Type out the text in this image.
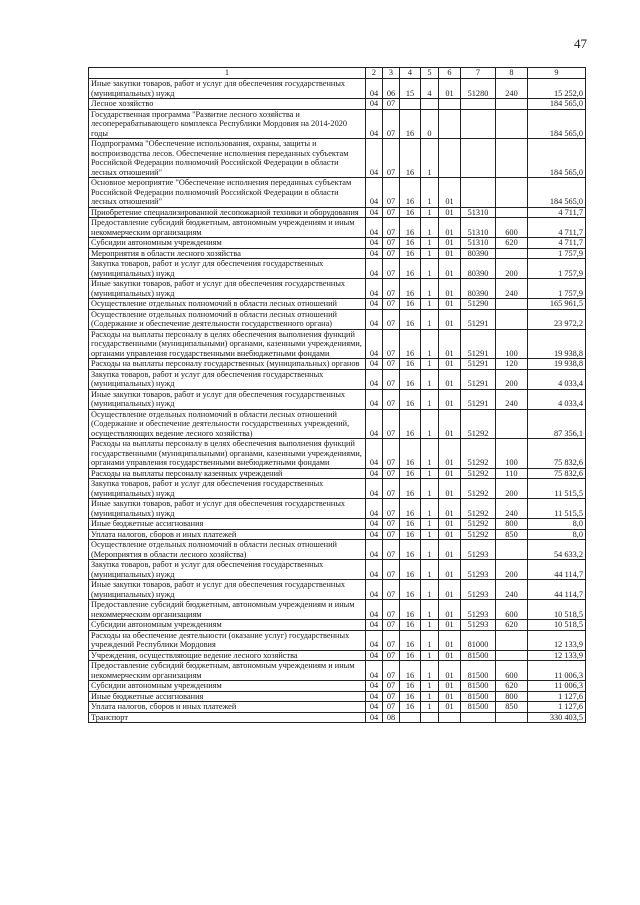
47
1	2	3	4	5	6	7	8	9
Иные закупки товаров, работ и услуг для обеспечения государственных (муниципальных) нужд	04	06	15	4	01	51280	240	15 252,0
Лесное хозяйство	04	07						184 565,0
Государственная программа "Развитие лесного хозяйства и лесоперерабатывающего комплекса Республики Мордовия на 2014-2020 годы	04	07	16	0				184 565,0
Подпрограмма "Обеспечение использования, охраны, защиты и воспроизводства лесов. Обеспечение исполнения переданных субъектам Российской Федерации полномочий Российской Федерации в области лесных отношений"	04	07	16	1				184 565,0
Основное мероприятие "Обеспечение исполнения переданных субъектам Российской Федерации полномочий Российской Федерации в области лесных отношений"	04	07	16	1	01			184 565,0
Приобретение специализированной лесопожарной техники и оборудования	04	07	16	1	01	51310		4 711,7
Предоставление субсидий бюджетным, автономным учреждениям и иным некоммерческим организациям	04	07	16	1	01	51310	600	4 711,7
Субсидии автономным учреждениям	04	07	16	1	01	51310	620	4 711,7
Мероприятия в области лесного хозяйства	04	07	16	1	01	80390		1 757,9
Закупка товаров, работ и услуг для обеспечения государственных (муниципальных) нужд	04	07	16	1	01	80390	200	1 757,9
Иные закупки товаров, работ и услуг для обеспечения государственных (муниципальных) нужд	04	07	16	1	01	80390	240	1 757,9
Осуществление отдельных полномочий в области лесных отношений	04	07	16	1	01	51290		165 961,5
Осуществление отдельных полномочий в области лесных отношений (Содержание и обеспечение деятельности государственного органа)	04	07	16	1	01	51291		23 972,2
Расходы на выплаты персоналу в целях обеспечения выполнения функций государственными (муниципальными) органами, казенными учреждениями, органами управления государственными внебюджетными фондами	04	07	16	1	01	51291	100	19 938,8
Расходы на выплаты персоналу государственных (муниципальных) органов	04	07	16	1	01	51291	120	19 938,8
Закупка товаров, работ и услуг для обеспечения государственных (муниципальных) нужд	04	07	16	1	01	51291	200	4 033,4
Иные закупки товаров, работ и услуг для обеспечения государственных (муниципальных) нужд	04	07	16	1	01	51291	240	4 033,4
Осуществление отдельных полномочий в области лесных отношений (Содержание и обеспечение деятельности государственных учреждений, осуществляющих ведение лесного хозяйства)	04	07	16	1	01	51292		87 356,1
Расходы на выплаты персоналу в целях обеспечения выполнения функций государственными (муниципальными) органами, казенными учреждениями, органами управления государственными внебюджетными фондами	04	07	16	1	01	51292	100	75 832,6
Расходы на выплаты персоналу казенных учреждений	04	07	16	1	01	51292	110	75 832,6
Закупка товаров, работ и услуг для обеспечения государственных (муниципальных) нужд	04	07	16	1	01	51292	200	11 515,5
Иные закупки товаров, работ и услуг для обеспечения государственных (муниципальных) нужд	04	07	16	1	01	51292	240	11 515,5
Иные бюджетные ассигнования	04	07	16	1	01	51292	800	8,0
Уплата налогов, сборов и иных платежей	04	07	16	1	01	51292	850	8,0
Осуществление отдельных полномочий в области лесных отношений (Мероприятия в области лесного хозяйства)	04	07	16	1	01	51293		54 633,2
Закупка товаров, работ и услуг для обеспечения государственных (муниципальных) нужд	04	07	16	1	01	51293	200	44 114,7
Иные закупки товаров, работ и услуг для обеспечения государственных (муниципальных) нужд	04	07	16	1	01	51293	240	44 114,7
Предоставление субсидий бюджетным, автономным учреждениям и иным некоммерческим организациям	04	07	16	1	01	51293	600	10 518,5
Субсидии автономным учреждениям	04	07	16	1	01	51293	620	10 518,5
Расходы на обеспечение деятельности (оказание услуг) государственных учреждений Республики Мордовия	04	07	16	1	01	81000		12 133,9
Учреждения, осуществляющие ведение лесного хозяйства	04	07	16	1	01	81500		12 133,9
Предоставление субсидий бюджетным, автономным учреждениям и иным некоммерческим организациям	04	07	16	1	01	81500	600	11 006,3
Субсидии автономным учреждениям	04	07	16	1	01	81500	620	11 006,3
Иные бюджетные ассигнования	04	07	16	1	01	81500	800	1 127,6
Уплата налогов, сборов и иных платежей	04	07	16	1	01	81500	850	1 127,6
Транспорт	04	08						330 403,5
